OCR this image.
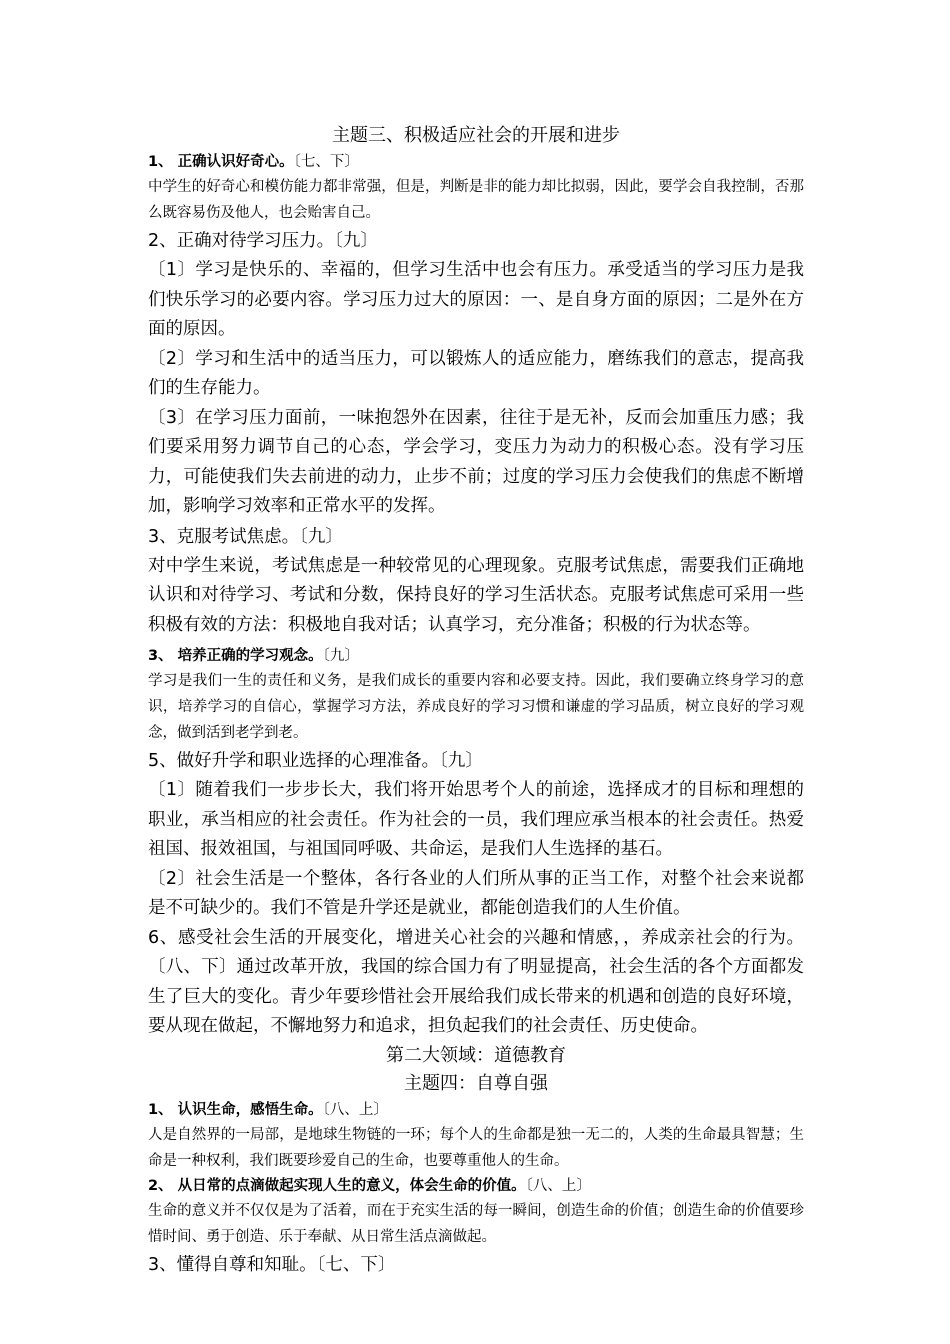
主题三、积极适应社会的开展和进步

1、 正确认识好奇心。〔七、下〕

中学生的好奇心和模仿能力都非常强，但是，判断是非的能力却比拟弱，因此，要学会自我控制，否那么既容易伤及他人，也会贻害自己。

2、正确对待学习压力。〔九〕

〔1〕学习是快乐的、幸福的，但学习生活中也会有压力。承受适当的学习压力是我们快乐学习的必要内容。学习压力过大的原因：一、是自身方面的原因；二是外在方面的原因。

〔2〕学习和生活中的适当压力，可以锻炼人的适应能力，磨练我们的意志，提高我们的生存能力。

〔3〕在学习压力面前，一味抱怨外在因素，往往于是无补，反而会加重压力感；我们要采用努力调节自己的心态，学会学习，变压力为动力的积极心态。没有学习压力，可能使我们失去前进的动力，止步不前；过度的学习压力会使我们的焦虑不断增加，影响学习效率和正常水平的发挥。

3、克服考试焦虑。〔九〕

对中学生来说，考试焦虑是一种较常见的心理现象。克服考试焦虑，需要我们正确地认识和对待学习、考试和分数，保持良好的学习生活状态。克服考试焦虑可采用一些积极有效的方法：积极地自我对话；认真学习，充分准备；积极的行为状态等。

3、 培养正确的学习观念。〔九〕

学习是我们一生的责任和义务，是我们成长的重要内容和必要支持。因此，我们要确立终身学习的意识，培养学习的自信心，掌握学习方法，养成良好的学习习惯和谦虚的学习品质，树立良好的学习观念，做到活到老学到老。

5、做好升学和职业选择的心理准备。〔九〕

〔1〕随着我们一步步长大，我们将开始思考个人的前途，选择成才的目标和理想的职业，承当相应的社会责任。作为社会的一员，我们理应承当根本的社会责任。热爱祖国、报效祖国，与祖国同呼吸、共命运，是我们人生选择的基石。

〔2〕社会生活是一个整体，各行各业的人们所从事的正当工作，对整个社会来说都是不可缺少的。我们不管是升学还是就业，都能创造我们的人生价值。

6、感受社会生活的开展变化，增进关心社会的兴趣和情感，，养成亲社会的行为。〔八、下〕通过改革开放，我国的综合国力有了明显提高，社会生活的各个方面都发生了巨大的变化。青少年要珍惜社会开展给我们成长带来的机遇和创造的良好环境，要从现在做起，不懈地努力和追求，担负起我们的社会责任、历史使命。

第二大领域：道德教育

主题四：自尊自强

1、 认识生命，感悟生命。〔八、上〕

人是自然界的一局部，是地球生物链的一环；每个人的生命都是独一无二的，人类的生命最具智慧；生命是一种权利，我们既要珍爱自己的生命，也要尊重他人的生命。

2、 从日常的点滴做起实现人生的意义，体会生命的价值。〔八、上〕

生命的意义并不仅仅是为了活着，而在于充实生活的每一瞬间，创造生命的价值；创造生命的价值要珍惜时间、勇于创造、乐于奉献、从日常生活点滴做起。

3、懂得自尊和知耻。〔七、下〕
